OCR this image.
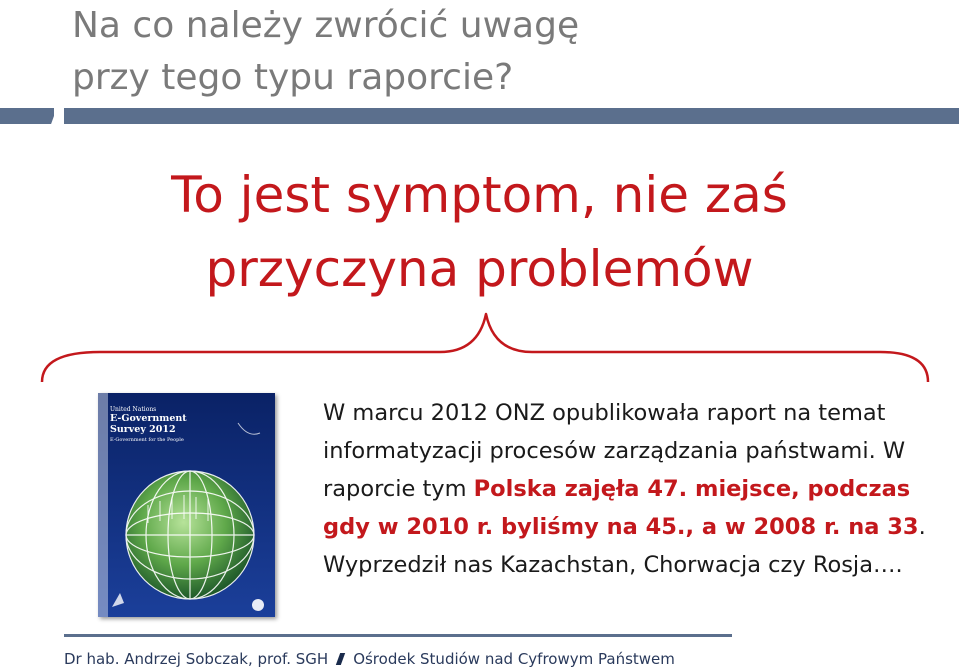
Na co należy zwrócić uwagę
przy tego typu raporcie?
To jest symptom, nie zaś
przyczyna problemów
United Nations
E-Government
Survey 2012
E-Government for the People

W marcu 2012 ONZ opublikowała raport na temat informatyzacji procesów zarządzania państwami. W raporcie tym Polska zajęła 47. miejsce, podczas gdy w 2010 r. byliśmy na 45., a w 2008 r. na 33. Wyprzedził nas Kazachstan, Chorwacja czy Rosja….

Dr hab. Andrzej Sobczak, prof. SGH Ośrodek Studiów nad Cyfrowym Państwem
